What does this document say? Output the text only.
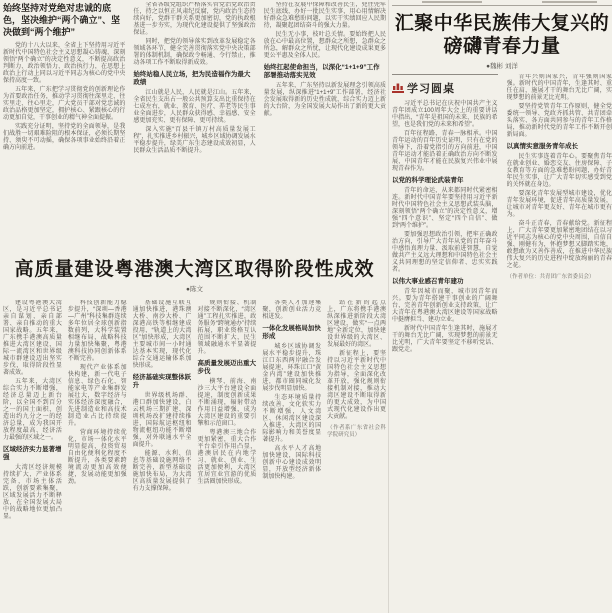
始终坚持对党绝对忠诚的底色，坚决维护“两个确立”、坚决做到“两个维护”

党的十八大以来，全省上下坚持用习近平新时代中国特色社会主义思想凝心铸魂，深刻领悟“两个确立”的决定性意义，不断提高政治判断力、政治领悟力、政治执行力，在思想上政治上行动上同以习近平同志为核心的党中央保持高度一致。

五年来，广东把学习贯彻党的创新理论作为首要政治任务，推动学习贯彻往深里走、往实里走、往心里走，广大党员干部对党忠诚的政治品格更加坚定，拥护核心、紧跟核心的行动更加自觉，干事创业的精气神全面提振。

实践充分证明，坚持党的全面领导，是我们战胜一切艰难险阻的根本保证，必须长期坚持、须臾不可动摇，确保各项事业始终沿着正确方向前进。

全省各级党组织严格落实管党治党政治责任，持之以恒正风肃纪反腐，党内政治生态持续向好，党群干群关系更加密切，党的执政根基进一步夯实，为现代化建设提供了坚强政治保证。

同时，把党的领导落实到改革发展稳定各领域各环节，健全完善贯彻落实党中央决策部署的体制机制，确保政令畅通、令行禁止，推动各项工作不断取得新成效。

始终站稳人民立场，把为民造福作为最大政绩

江山就是人民，人民就是江山。五年来，全省民生支出占一般公共预算支出比重保持在七成左右，就业、教育、医疗、养老等民生事业全面进步，人民群众获得感、幸福感、安全感更加充实、更有保障、更可持续。

深入实施“百县千镇万村高质量发展工程”，扎实推进乡村振兴，城乡区域协调发展水平稳步提升，绿美广东生态建设成效初显，人民群众生活品质不断提升。

坚持在发展中保障和改善民生，兜住兜牢民生底线，办好一批民生实事，用心用情解决好群众急难愁盼问题，以实干实绩回应人民期待，凝聚起团结奋斗的强大力量。

民生无小事，枝叶总关情。要始终把人民放在心中最高位置，想群众之所想，急群众之所急，解群众之所忧，让现代化建设成果更多更公平惠及全体人民。

始终扛起使命担当，以深化“1+1+9”工作部署推动落实见效

五年来，广东坚持以新发展理念引领高质量发展，纵深推进“1+1+9”工作部署，经济社会发展取得新的历史性成就，综合实力迈上新的大台阶，为全国发展大局作出了新的更大贡献。

高质量建设粤港澳大湾区取得阶段性成效
●陈文

建设粤港澳大湾区，是习近平总书记亲自谋划、亲自部署、亲自推动的重大国家战略。五年来，广东携手港澳高质量推进大湾区建设，国际一流湾区和世界级城市群建设迈出坚实步伐，取得阶段性显著成效。

五年来，大湾区综合实力不断增强，经济总量迈上新台阶，以全国不到百分之一的国土面积，创造出约九分之一的经济总量，成为我国开放程度最高、经济活力最强的区域之一。

区域经济实力显著增强

大湾区经济规模持续扩大，产业体系完备，市场主体活跃，创新要素集聚，区域发展活力不断释放，在全国发展大局中的战略地位更加凸显。

科技创新能力稳步提升，“深圳—香港—广州”科技集群连续多年位居全球创新指数前列，大科学装置相继布局，战略科技力量加快集聚，粤港澳科技协同创新体系不断完善。

现代产业体系加快构建，新一代电子信息、绿色石化、智能家电等产业集群发展壮大，数字经济与实体经济深度融合，先进制造业和高技术制造业占比持续提升。

营商环境持续优化，市场一体化水平明显提高，投资贸易自由化便利化程度不断提升，各类要素跨境流动更加高效便捷，发展动能更加强劲。

基础设施互联互通加快推进，港珠澳大桥、南沙大桥、广深港高铁等相继建成投用，“轨道上的大湾区”加快形成，大湾区主要城市间一小时通达基本实现，现代化综合交通运输体系加快形成。

经济基础实现整体跃升

世界级机场群、港口群加快建设，白云机场三期扩建、深圳机场改扩建持续推进，国际航运枢纽和物流枢纽功能不断增强，对外联通水平全面提升。

能源、水利、信息等基础设施网络不断完善，新型基础设施加快布局，为大湾区高质量发展提供了有力支撑保障。

规则衔接、机制对接不断深化，“湾区通”工程扎实推进，政务服务“跨境通办”持续拓展，职业资格互认范围不断扩大，民生领域融通水平显著提升。

高质量发展迈出重大步伐

横琴、前海、南沙三大平台建设全面提速，制度创新成果不断涌现，辐射带动作用日益增强，成为大湾区建设的重要引擎和示范窗口。

粤港澳三地合作更加紧密，重大合作平台牵引作用凸显，港澳居民在内地学习、就业、创业、生活更加便利，大湾区宜居宜业宜游的优质生活圈加快形成。

各类人才加速集聚，创新创业活力竞相迸发。

一体化发展格局加快形成

城乡区域协调发展水平稳步提升，珠江口东西两岸融合发展提速，环珠江口“黄金内湾”建设加快推进，都市圈同城化发展步伐明显加快。

生态环境质量持续改善，文化软实力不断增强，人文湾区、休闲湾区建设深入推进，大湾区的国际影响力和美誉度显著提升。

高水平人才高地加快建设，国际科技创新中心建设成效明显，开放型经济新体制加快构建。

站在新的起点上，广东将携手港澳纵深推进新阶段大湾区建设，做实“一点两地”全新定位，加快建设世界级的大湾区、发展最好的湾区。

新征程上，要坚持以习近平新时代中国特色社会主义思想为指导，全面深化改革开放，强化规则衔接机制对接，推动大湾区建设不断取得新的更大成效，为中国式现代化建设作出更大贡献。

（作者系广东省社会科学院研究员）
汇聚中华民族伟大复兴的
磅礴青春力量
●魏彬 刘洋
学习圆桌

习近平总书记在庆祝中国共产主义青年团成立100周年大会上的重要讲话中指出，“青年是祖国的未来、民族的希望，也是我们党的未来和希望”。

百年征程路，青春一脉相承。中国青年运动的百年历史证明，只有在党的领导下，沿着党指引的方向前进，中国青年运动才能沿着正确政治方向不断发展，中国青年才能在民族复兴伟业中展现青春作为。

以党的科学理论武装青年

青年的命运，从来都同时代紧密相连。新时代中国青年要坚持用习近平新时代中国特色社会主义思想武装头脑，深刻领悟“两个确立”的决定性意义，增强“四个意识”、坚定“四个自信”、做到“两个维护”。

要加强思想政治引领，把牢正确政治方向，引导广大青年从党的百年奋斗中感悟真理力量、汲取前进智慧，自觉做共产主义远大理想和中国特色社会主义共同理想的坚定信仰者、忠实实践者。

以伟大事业感召青年建功

青年因城市而聚，城市因青年而兴。要为青年搭建干事创业的广阔舞台，完善青年创新创业支持政策，让广大青年在粤港澳大湾区建设等国家战略中挺膺担当、建功立业。

新时代中国青年生逢其时，施展才干的舞台无比广阔，实现梦想的前景无比光明，广大青年要坚定不移听党话、跟党走。

青年兴则国家兴，青年强则国家强。新时代的中国青年，生逢其时、重任在肩，施展才干的舞台无比广阔，实现梦想的前景无比光明。

要坚持党管青年工作原则，健全党委统一领导、党政齐抓共管、共青团牵头落实、各方面共同参与的青年工作格局，推动新时代党的青年工作不断开创新局面。

以真情实意服务青年成长

民生实事连着青年心。要聚焦青年在就业创业、婚恋交友、住房保障、子女教育等方面的急难愁盼问题，办好青年民生实事，让广大青年切实感受到党的关怀就在身边。

要深化青年发展型城市建设，优化青年发展环境，促进青年高质量发展，让城市对青年更友好、青年在城市更有为。

奋斗正青春，青春献给党。新征程上，广大青年要更加紧密地团结在以习近平同志为核心的党中央周围，自信自强、刚健有为，怀抱梦想又脚踏实地，敢想敢为又善作善成，在推进中华民族伟大复兴的历史进程中绽放绚丽的青春之花。

（作者单位：共青团广东省委员会）
